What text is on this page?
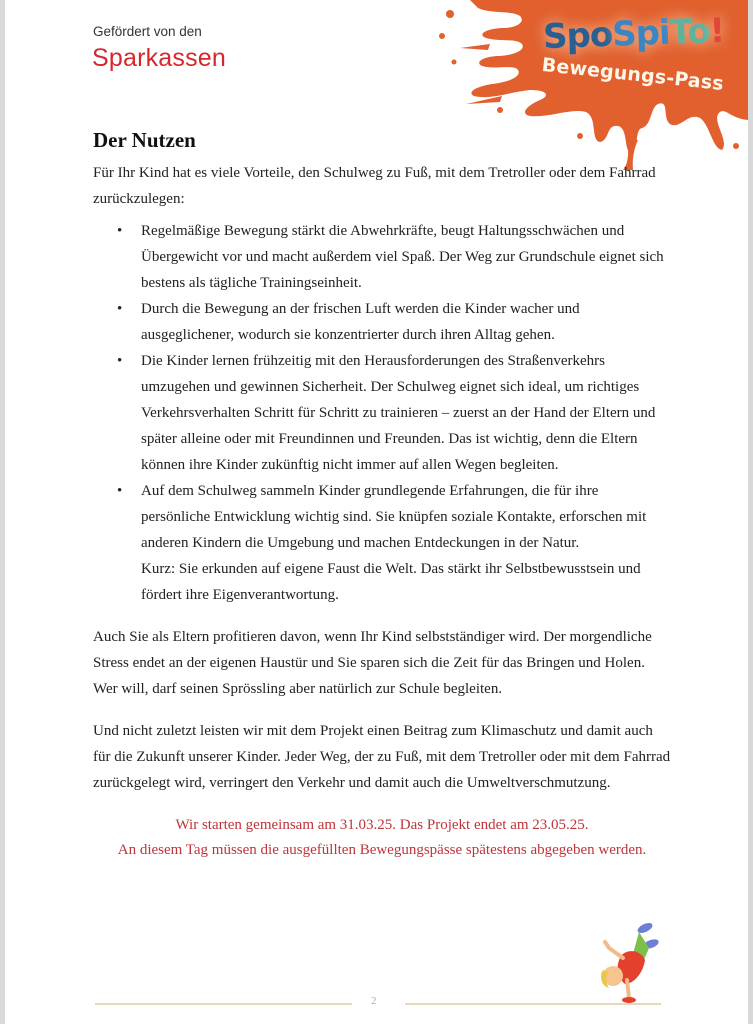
Gefördert von den
Sparkassen
SpoSpiTo!
Bewegungs-Pass
Der Nutzen

Für Ihr Kind hat es viele Vorteile, den Schulweg zu Fuß, mit dem Tretroller oder dem Fahrrad zurückzulegen:

• Regelmäßige Bewegung stärkt die Abwehrkräfte, beugt Haltungsschwächen und Übergewicht vor und macht außerdem viel Spaß. Der Weg zur Grundschule eignet sich bestens als tägliche Trainingseinheit.
• Durch die Bewegung an der frischen Luft werden die Kinder wacher und ausgeglichener, wodurch sie konzentrierter durch ihren Alltag gehen.
• Die Kinder lernen frühzeitig mit den Herausforderungen des Straßenverkehrs umzugehen und gewinnen Sicherheit. Der Schulweg eignet sich ideal, um richtiges Verkehrsverhalten Schritt für Schritt zu trainieren – zuerst an der Hand der Eltern und später alleine oder mit Freundinnen und Freunden. Das ist wichtig, denn die Eltern können ihre Kinder zukünftig nicht immer auf allen Wegen begleiten.
• Auf dem Schulweg sammeln Kinder grundlegende Erfahrungen, die für ihre persönliche Entwicklung wichtig sind. Sie knüpfen soziale Kontakte, erforschen mit anderen Kindern die Umgebung und machen Entdeckungen in der Natur.
Kurz: Sie erkunden auf eigene Faust die Welt. Das stärkt ihr Selbstbewusstsein und fördert ihre Eigenverantwortung.

Auch Sie als Eltern profitieren davon, wenn Ihr Kind selbstständiger wird. Der morgendliche Stress endet an der eigenen Haustür und Sie sparen sich die Zeit für das Bringen und Holen. Wer will, darf seinen Sprössling aber natürlich zur Schule begleiten.

Und nicht zuletzt leisten wir mit dem Projekt einen Beitrag zum Klimaschutz und damit auch für die Zukunft unserer Kinder. Jeder Weg, der zu Fuß, mit dem Tretroller oder mit dem Fahrrad zurückgelegt wird, verringert den Verkehr und damit auch die Umweltverschmutzung.

Wir starten gemeinsam am 31.03.25. Das Projekt endet am 23.05.25.
An diesem Tag müssen die ausgefüllten Bewegungspässe spätestens abgegeben werden.
2
